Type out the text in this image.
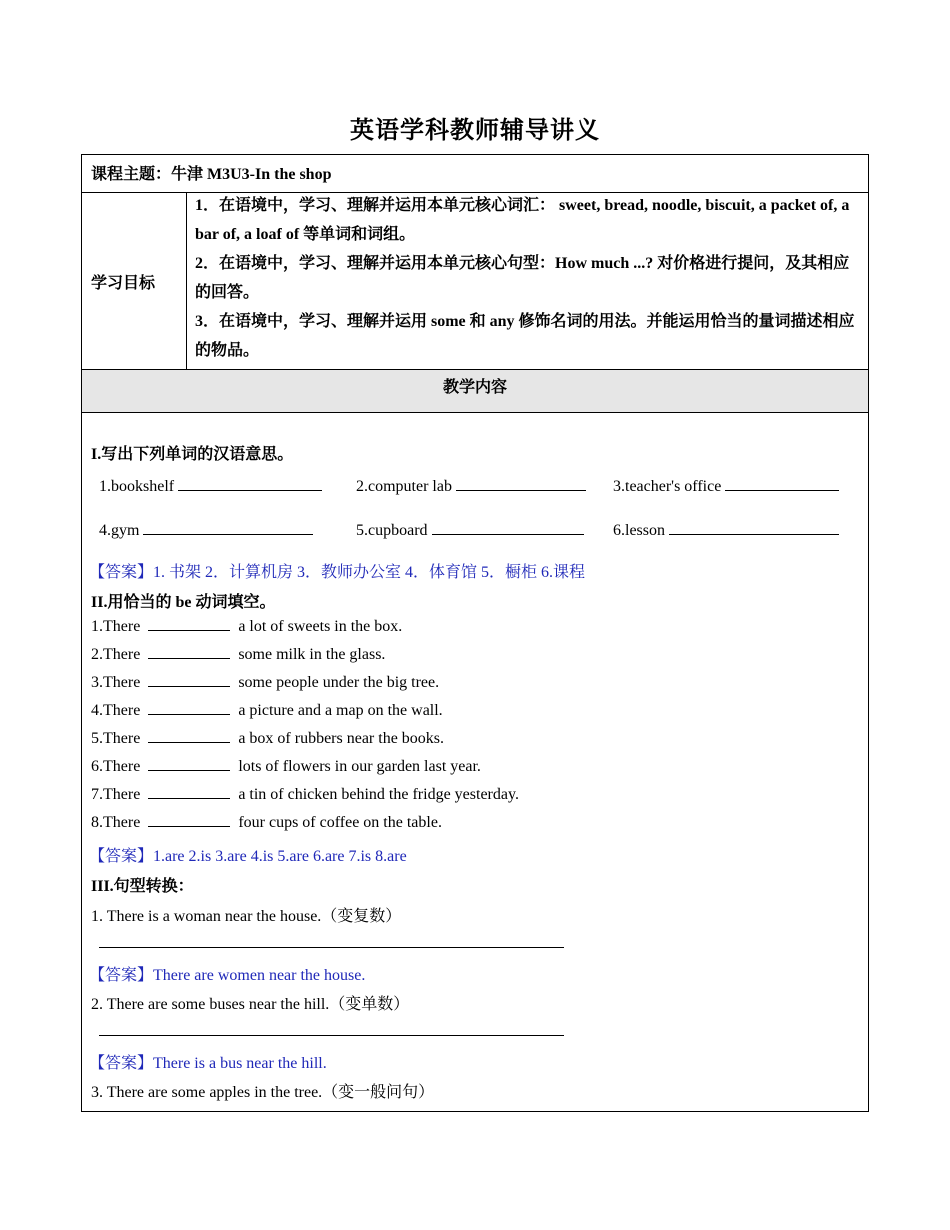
英语学科教师辅导讲义
课程主题：牛津 M3U3-In the shop
学习目标
1．在语境中，学习、理解并运用本单元核心词汇： sweet, bread, noodle, biscuit, a packet of, a bar of, a loaf of 等单词和词组。
2．在语境中，学习、理解并运用本单元核心句型：How much ...? 对价格进行提问，及其相应的回答。
3．在语境中，学习、理解并运用 some 和 any 修饰名词的用法。并能运用恰当的量词描述相应的物品。
教学内容
I.写出下列单词的汉语意思。
1.bookshelf	2.computer lab	3.teacher's office
4.gym	5.cupboard	6.lesson
【答案】1. 书架 2．计算机房 3．教师办公室 4．体育馆 5．橱柜 6.课程
II.用恰当的 be 动词填空。
1.There	a lot of sweets in the box.
2.There	some milk in the glass.
3.There	some people under the big tree.
4.There	a picture and a map on the wall.
5.There	a box of rubbers near the books.
6.There	lots of flowers in our garden last year.
7.There	a tin of chicken behind the fridge yesterday.
8.There	four cups of coffee on the table.
【答案】1.are 2.is 3.are 4.is 5.are 6.are 7.is 8.are
III.句型转换：
1. There is a woman near the house.（变复数）
【答案】There are women near the house.
2. There are some buses near the hill.（变单数）
【答案】There is a bus near the hill.
3. There are some apples in the tree.（变一般问句）
